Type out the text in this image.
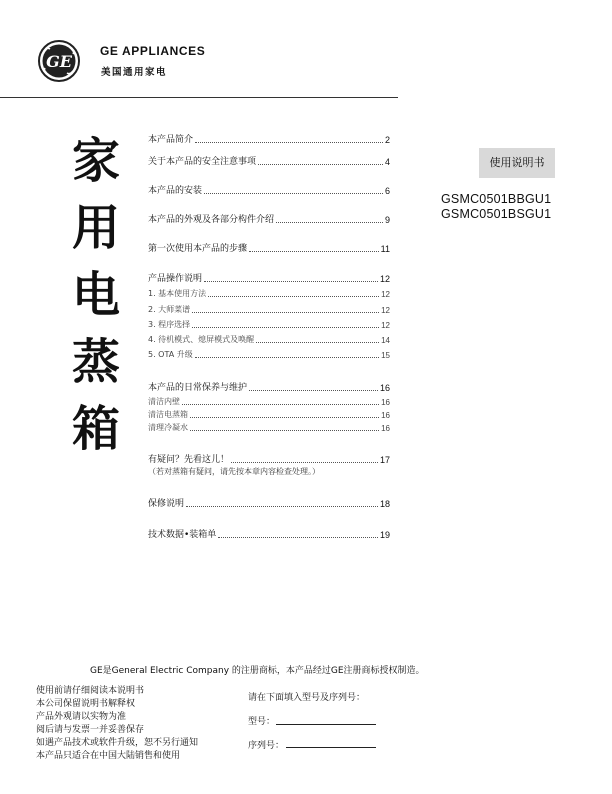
GE
GE APPLIANCES
美国通用家电
家
用
电
蒸
箱
本产品简介	2
关于本产品的安全注意事项	4
本产品的安装	6
本产品的外观及各部分构件介绍	9
第一次使用本产品的步骤	11
产品操作说明	12
1. 基本使用方法	12
2. 大师菜谱	12
3. 程序选择	12
4. 待机模式、熄屏模式及唤醒	14
5. OTA 升级	15
本产品的日常保养与维护	16
清洁内壁	16
清洁电蒸箱	16
清理冷凝水	16
有疑问？先看这儿！	17
保修说明	18
技术数据•装箱单	19
（若对蒸箱有疑问，请先按本章内容检查处理。）
使用说明书
GSMC0501BBGU1
GSMC0501BSGU1
GE是General Electric Company 的注册商标，本产品经过GE注册商标授权制造。
使用前请仔细阅读本说明书
本公司保留说明书解释权
产品外观请以实物为准
阅后请与发票一并妥善保存
如遇产品技术或软件升级，恕不另行通知
本产品只适合在中国大陆销售和使用
请在下面填入型号及序列号：
型号：
序列号：
